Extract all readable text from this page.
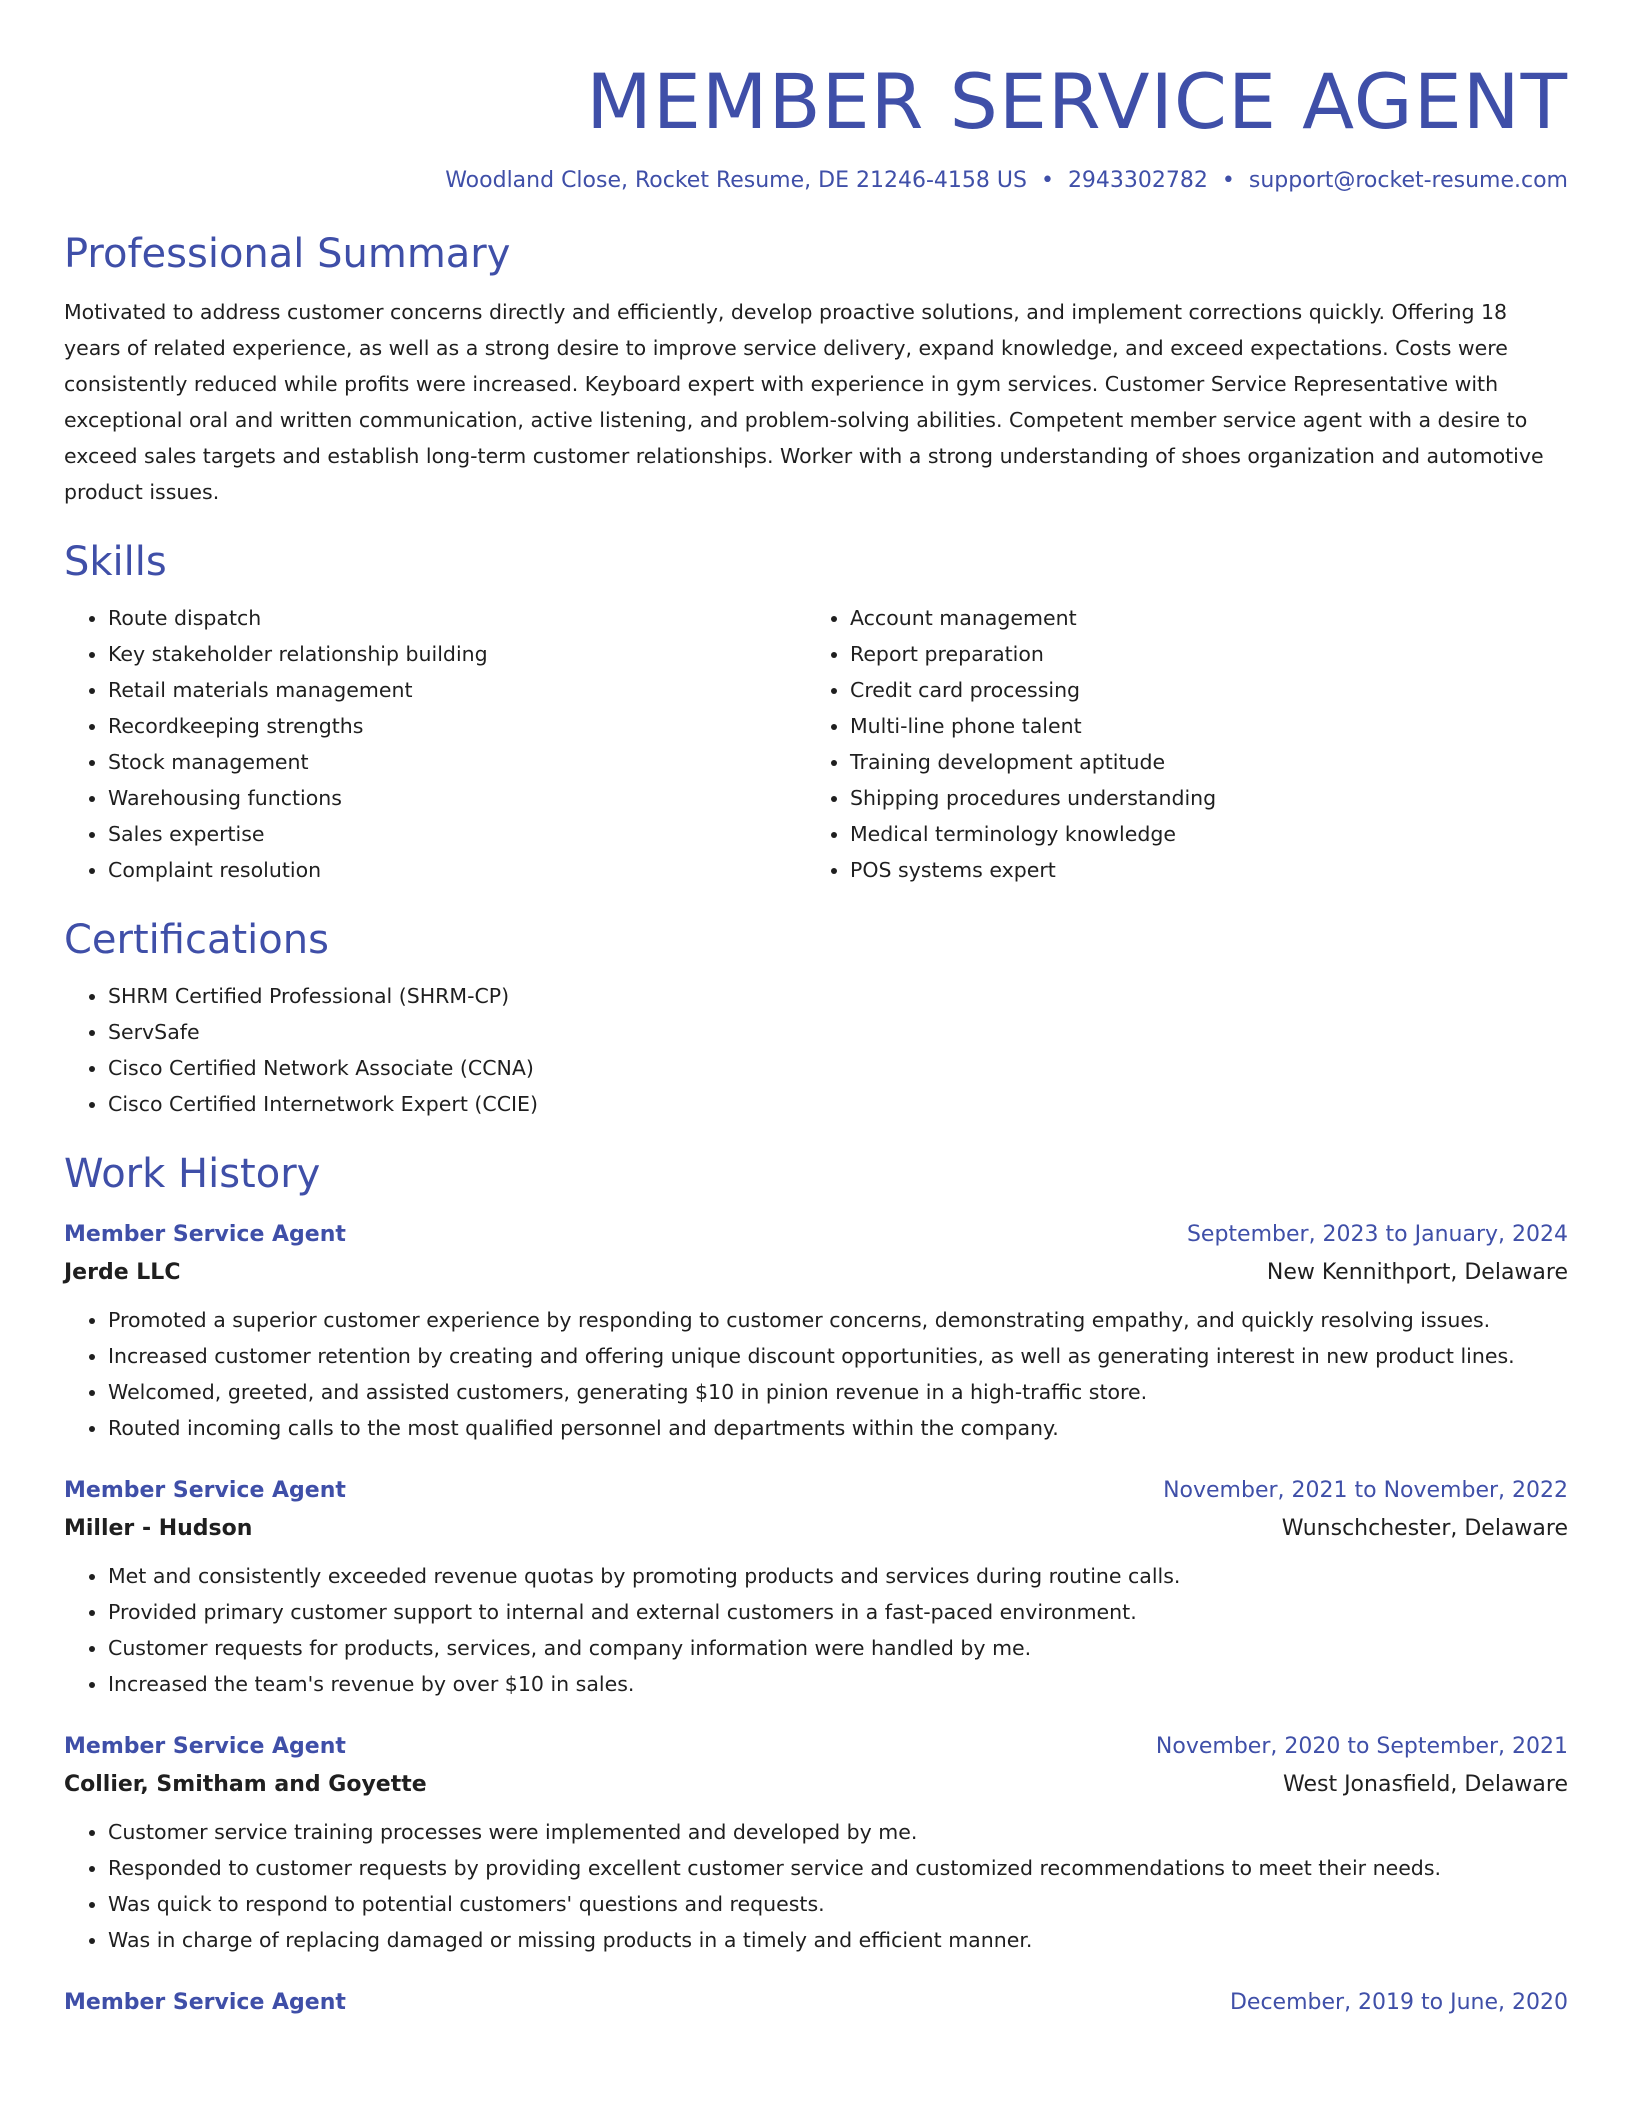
MEMBER SERVICE AGENT
Woodland Close, Rocket Resume, DE 21246-4158 US • 2943302782 • support@rocket-resume.com
Professional Summary
Motivated to address customer concerns directly and efficiently, develop proactive solutions, and implement corrections quickly. Offering 18 years of related experience, as well as a strong desire to improve service delivery, expand knowledge, and exceed expectations. Costs were consistently reduced while profits were increased. Keyboard expert with experience in gym services. Customer Service Representative with exceptional oral and written communication, active listening, and problem-solving abilities. Competent member service agent with a desire to exceed sales targets and establish long-term customer relationships. Worker with a strong understanding of shoes organization and automotive product issues.
Skills
• Route dispatch
• Key stakeholder relationship building
• Retail materials management
• Recordkeeping strengths
• Stock management
• Warehousing functions
• Sales expertise
• Complaint resolution
• Account management
• Report preparation
• Credit card processing
• Multi-line phone talent
• Training development aptitude
• Shipping procedures understanding
• Medical terminology knowledge
• POS systems expert
Certifications
• SHRM Certified Professional (SHRM-CP)
• ServSafe
• Cisco Certified Network Associate (CCNA)
• Cisco Certified Internetwork Expert (CCIE)
Work History
Member Service Agent	September, 2023 to January, 2024
Jerde LLC	New Kennithport, Delaware
• Promoted a superior customer experience by responding to customer concerns, demonstrating empathy, and quickly resolving issues.
• Increased customer retention by creating and offering unique discount opportunities, as well as generating interest in new product lines.
• Welcomed, greeted, and assisted customers, generating $10 in pinion revenue in a high-traffic store.
• Routed incoming calls to the most qualified personnel and departments within the company.
Member Service Agent	November, 2021 to November, 2022
Miller - Hudson	Wunschchester, Delaware
• Met and consistently exceeded revenue quotas by promoting products and services during routine calls.
• Provided primary customer support to internal and external customers in a fast-paced environment.
• Customer requests for products, services, and company information were handled by me.
• Increased the team's revenue by over $10 in sales.
Member Service Agent	November, 2020 to September, 2021
Collier, Smitham and Goyette	West Jonasfield, Delaware
• Customer service training processes were implemented and developed by me.
• Responded to customer requests by providing excellent customer service and customized recommendations to meet their needs.
• Was quick to respond to potential customers' questions and requests.
• Was in charge of replacing damaged or missing products in a timely and efficient manner.
Member Service Agent	December, 2019 to June, 2020
